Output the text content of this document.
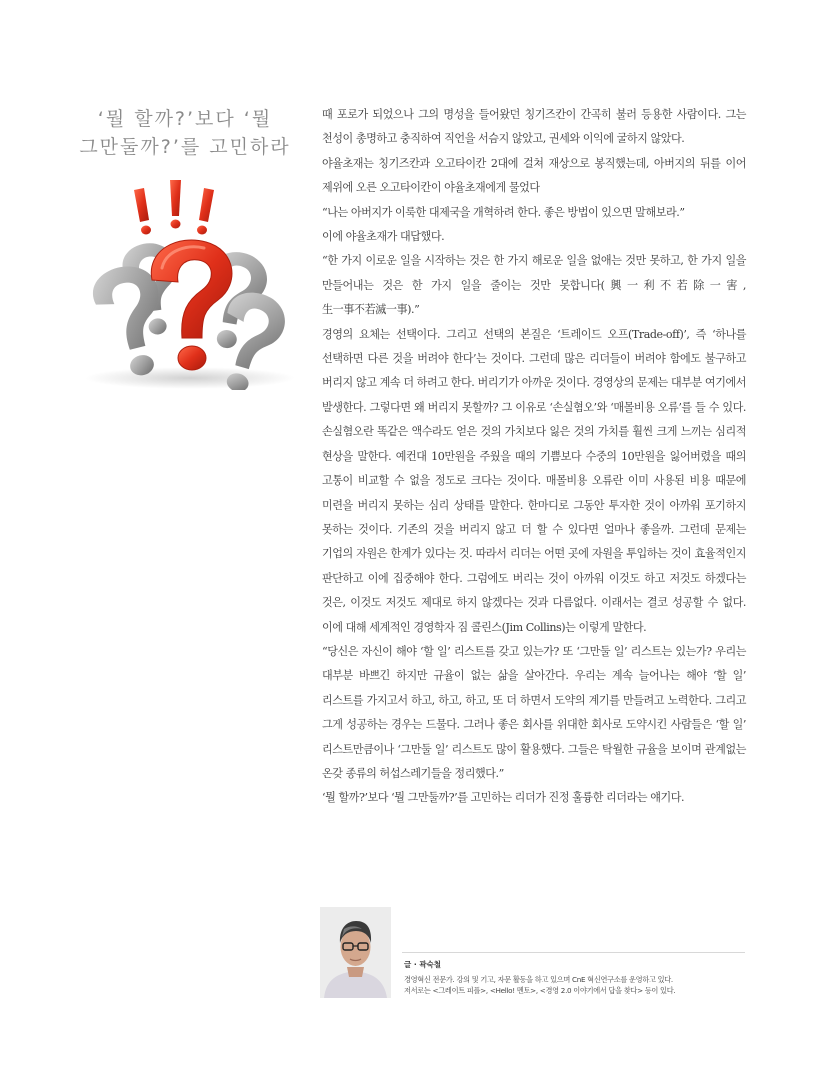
‘뭘 할까?’보다 ‘뭘
그만둘까?’를 고민하라

때 포로가 되었으나 그의 명성을 들어왔던 칭기즈칸이 간곡히 불러 등용한 사람이다. 그는 천성이 총명하고 충직하여 직언을 서슴지 않았고, 권세와 이익에 굴하지 않았다.

야율초재는 칭기즈칸과 오고타이칸 2대에 걸쳐 재상으로 봉직했는데, 아버지의 뒤를 이어 제위에 오른 오고타이칸이 야율초재에게 물었다

“나는 아버지가 이룩한 대제국을 개혁하려 한다. 좋은 방법이 있으면 말해보라.”

이에 야율초재가 대답했다.

“한 가지 이로운 일을 시작하는 것은 한 가지 해로운 일을 없애는 것만 못하고, 한 가지 일을 만들어내는 것은 한 가지 일을 줄이는 것만 못합니다(興一利不若除一害, 生一事不若滅一事).”

경영의 요체는 선택이다. 그리고 선택의 본질은 ‘트레이드 오프(Trade-off)’, 즉 ‘하나를 선택하면 다른 것을 버려야 한다’는 것이다. 그런데 많은 리더들이 버려야 함에도 불구하고 버리지 않고 계속 더 하려고 한다. 버리기가 아까운 것이다. 경영상의 문제는 대부분 여기에서 발생한다. 그렇다면 왜 버리지 못할까? 그 이유로 ‘손실혐오’와 ‘매몰비용 오류’를 들 수 있다. 손실혐오란 똑같은 액수라도 얻은 것의 가치보다 잃은 것의 가치를 훨씬 크게 느끼는 심리적 현상을 말한다. 예컨대 10만원을 주웠을 때의 기쁨보다 수중의 10만원을 잃어버렸을 때의 고통이 비교할 수 없을 정도로 크다는 것이다. 매몰비용 오류란 이미 사용된 비용 때문에 미련을 버리지 못하는 심리 상태를 말한다. 한마디로 그동안 투자한 것이 아까워 포기하지 못하는 것이다. 기존의 것을 버리지 않고 더 할 수 있다면 얼마나 좋을까. 그런데 문제는 기업의 자원은 한계가 있다는 것. 따라서 리더는 어떤 곳에 자원을 투입하는 것이 효율적인지 판단하고 이에 집중해야 한다. 그럼에도 버리는 것이 아까워 이것도 하고 저것도 하겠다는 것은, 이것도 저것도 제대로 하지 않겠다는 것과 다름없다. 이래서는 결코 성공할 수 없다. 이에 대해 세계적인 경영학자 짐 콜린스(Jim Collins)는 이렇게 말한다.

“당신은 자신이 해야 ‘할 일’ 리스트를 갖고 있는가? 또 ‘그만둘 일’ 리스트는 있는가? 우리는 대부분 바쁘긴 하지만 규율이 없는 삶을 살아간다. 우리는 계속 늘어나는 해야 ‘할 일’ 리스트를 가지고서 하고, 하고, 하고, 또 더 하면서 도약의 계기를 만들려고 노력한다. 그리고 그게 성공하는 경우는 드물다. 그러나 좋은 회사를 위대한 회사로 도약시킨 사람들은 ‘할 일’ 리스트만큼이나 ‘그만둘 일’ 리스트도 많이 활용했다. 그들은 탁월한 규율을 보이며 관계없는 온갖 종류의 허섭스레기들을 정리했다.”

‘뭘 할까?’보다 ‘뭘 그만둘까?’를 고민하는 리더가 진정 훌륭한 리더라는 얘기다.

글 · 곽숙철
경영혁신 전문가. 강의 및 기고, 자문 활동을 하고 있으며 CnE 혁신연구소를 운영하고 있다.
저서로는 <그레이트 피플>, <Hello! 멘토>, <경영 2.0 이야기에서 답을 찾다> 등이 있다.
